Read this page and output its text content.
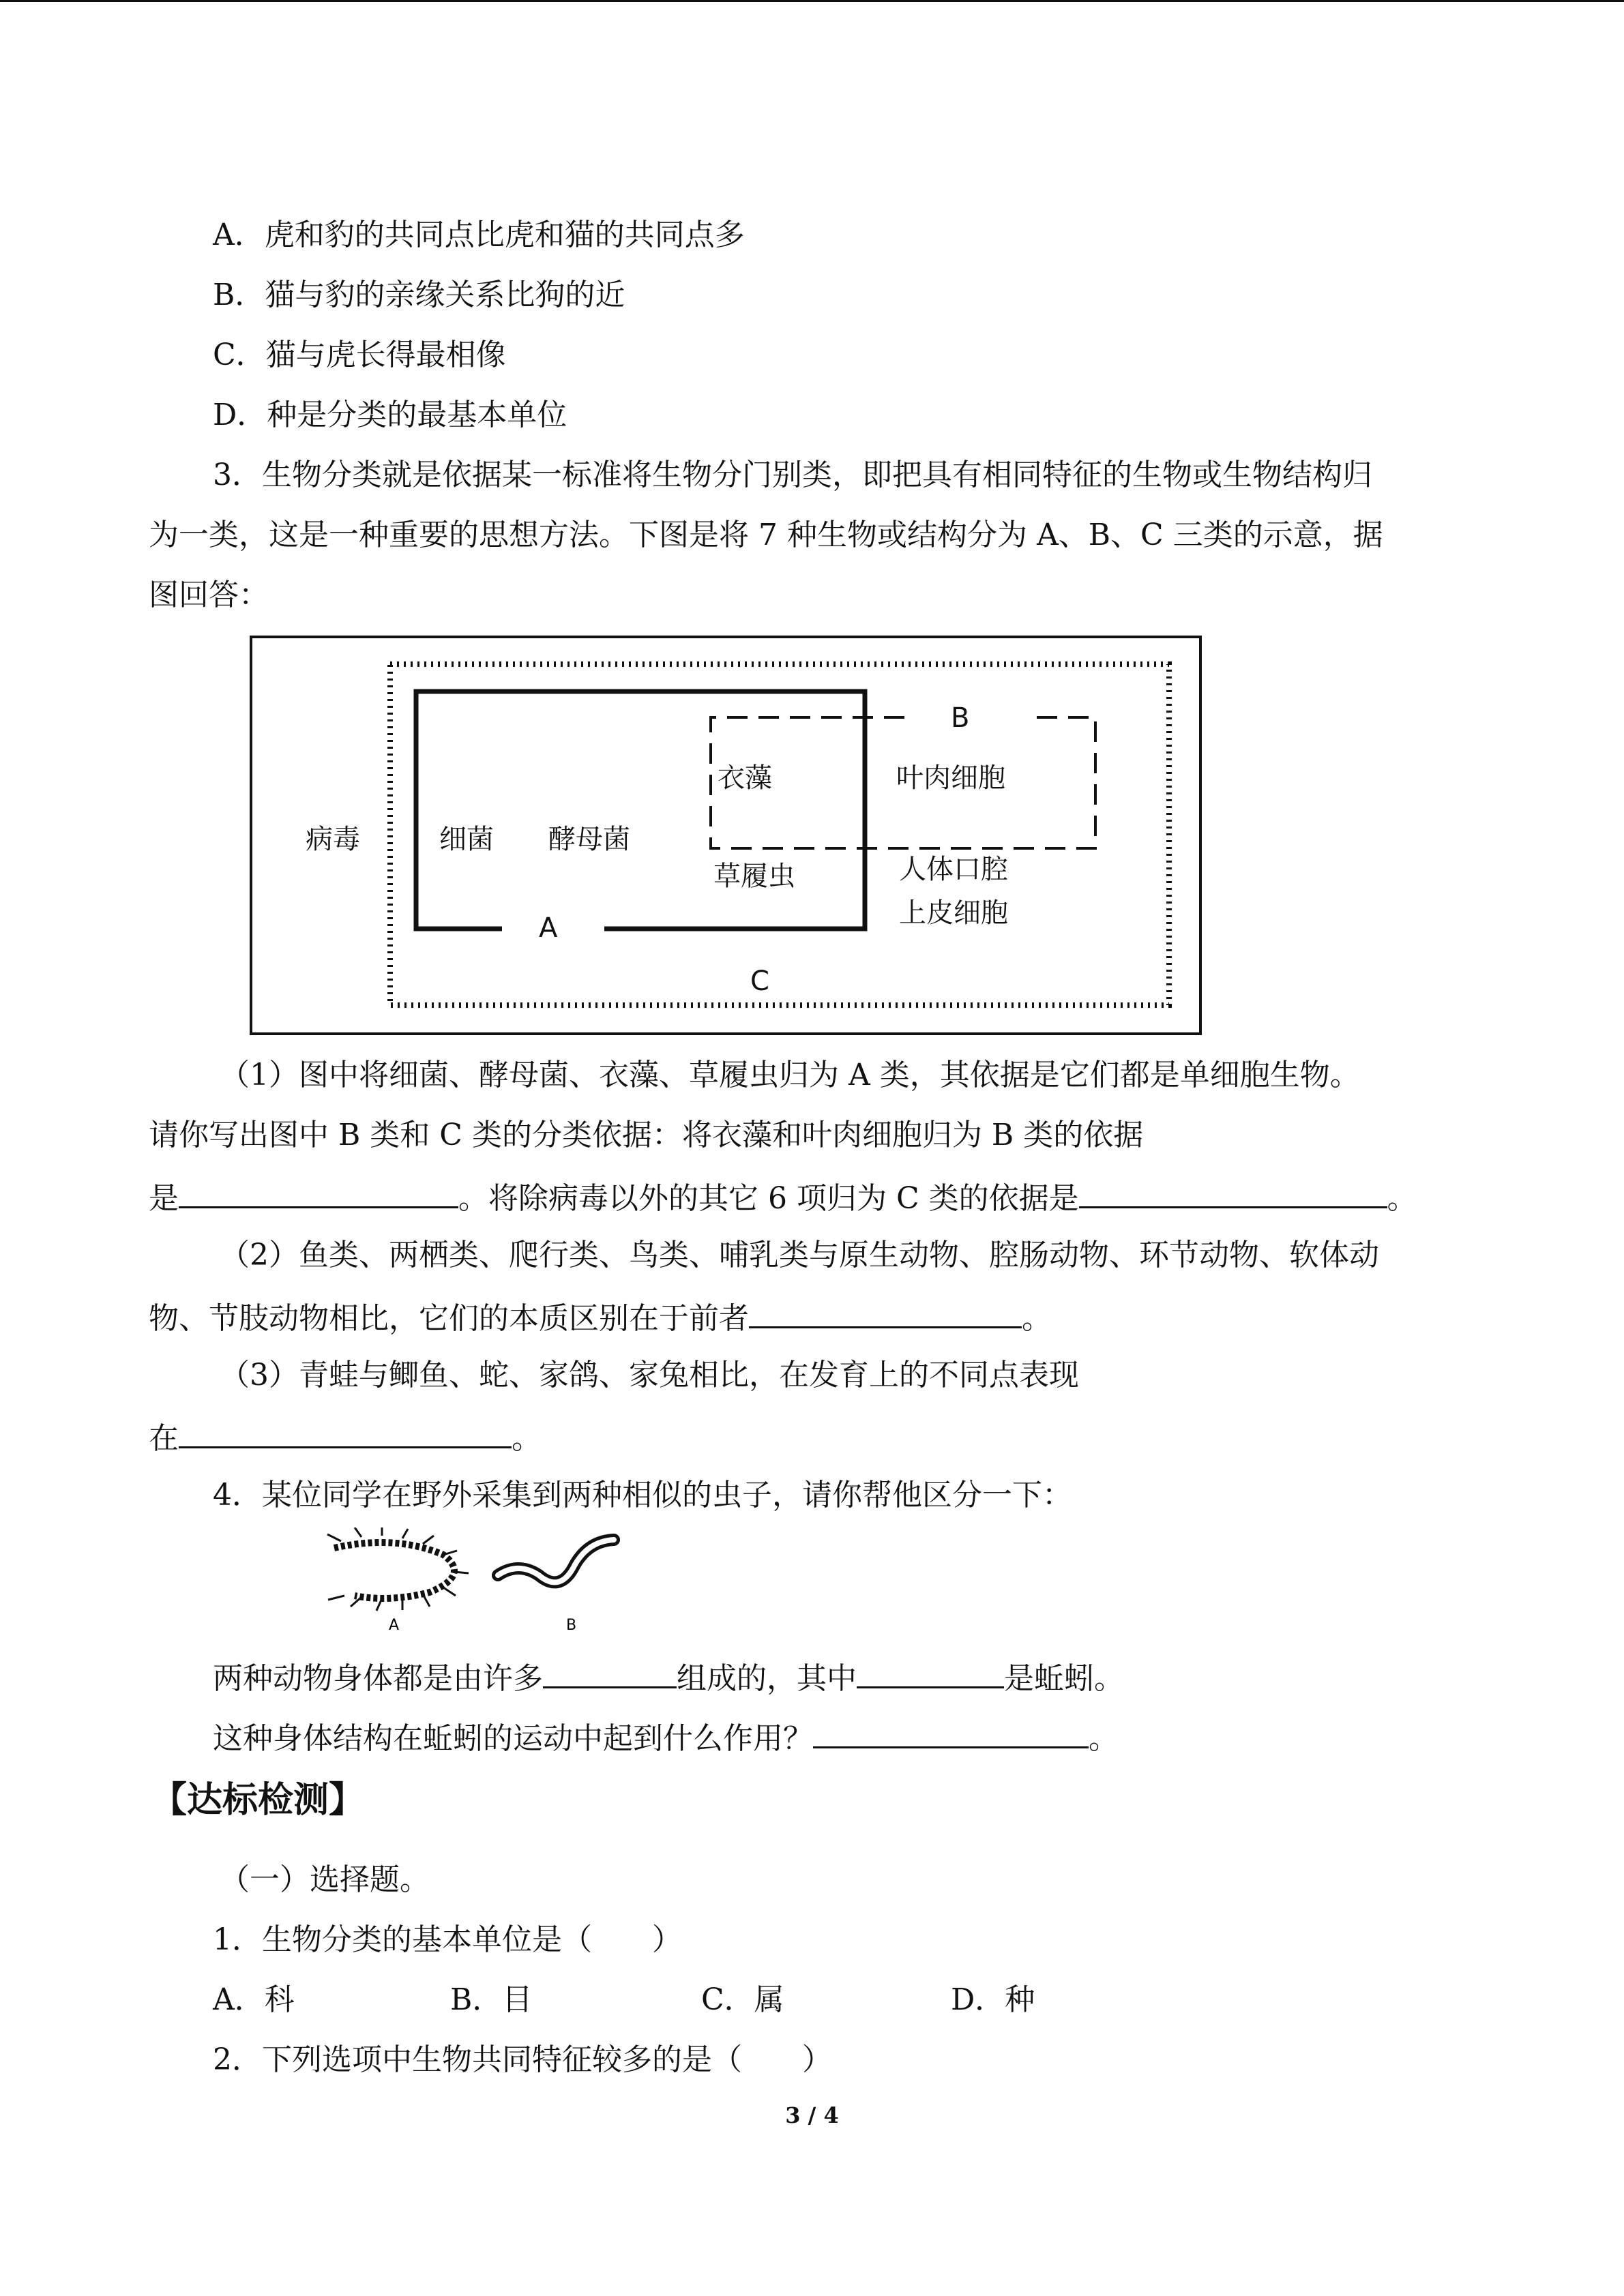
A．虎和豹的共同点比虎和猫的共同点多
B．猫与豹的亲缘关系比狗的近
C．猫与虎长得最相像
D．种是分类的最基本单位
3．生物分类就是依据某一标准将生物分门别类，即把具有相同特征的生物或生物结构归
为一类，这是一种重要的思想方法。下图是将 7 种生物或结构分为 A、B、C 三类的示意，据
图回答：
病毒	细菌 酵母菌
衣藻	叶肉细胞
草履虫	人体口腔
上皮细胞
A
B
C
（1）图中将细菌、酵母菌、衣藻、草履虫归为 A 类，其依据是它们都是单细胞生物。
请你写出图中 B 类和 C 类的分类依据：将衣藻和叶肉细胞归为 B 类的依据
是	。将除病毒以外的其它 6 项归为 C 类的依据是	。
（2）鱼类、两栖类、爬行类、鸟类、哺乳类与原生动物、腔肠动物、环节动物、软体动
物、节肢动物相比，它们的本质区别在于前者	。
（3）青蛙与鲫鱼、蛇、家鸽、家兔相比，在发育上的不同点表现
在	。
4．某位同学在野外采集到两种相似的虫子，请你帮他区分一下：
A	B
两种动物身体都是由许多	组成的，其中	是蚯蚓。
这种身体结构在蚯蚓的运动中起到什么作用？	。
【达标检测】
（一）选择题。
1．生物分类的基本单位是（　　）
A．科	B．目	C．属	D．种
2．下列选项中生物共同特征较多的是（　　）
3 / 4
